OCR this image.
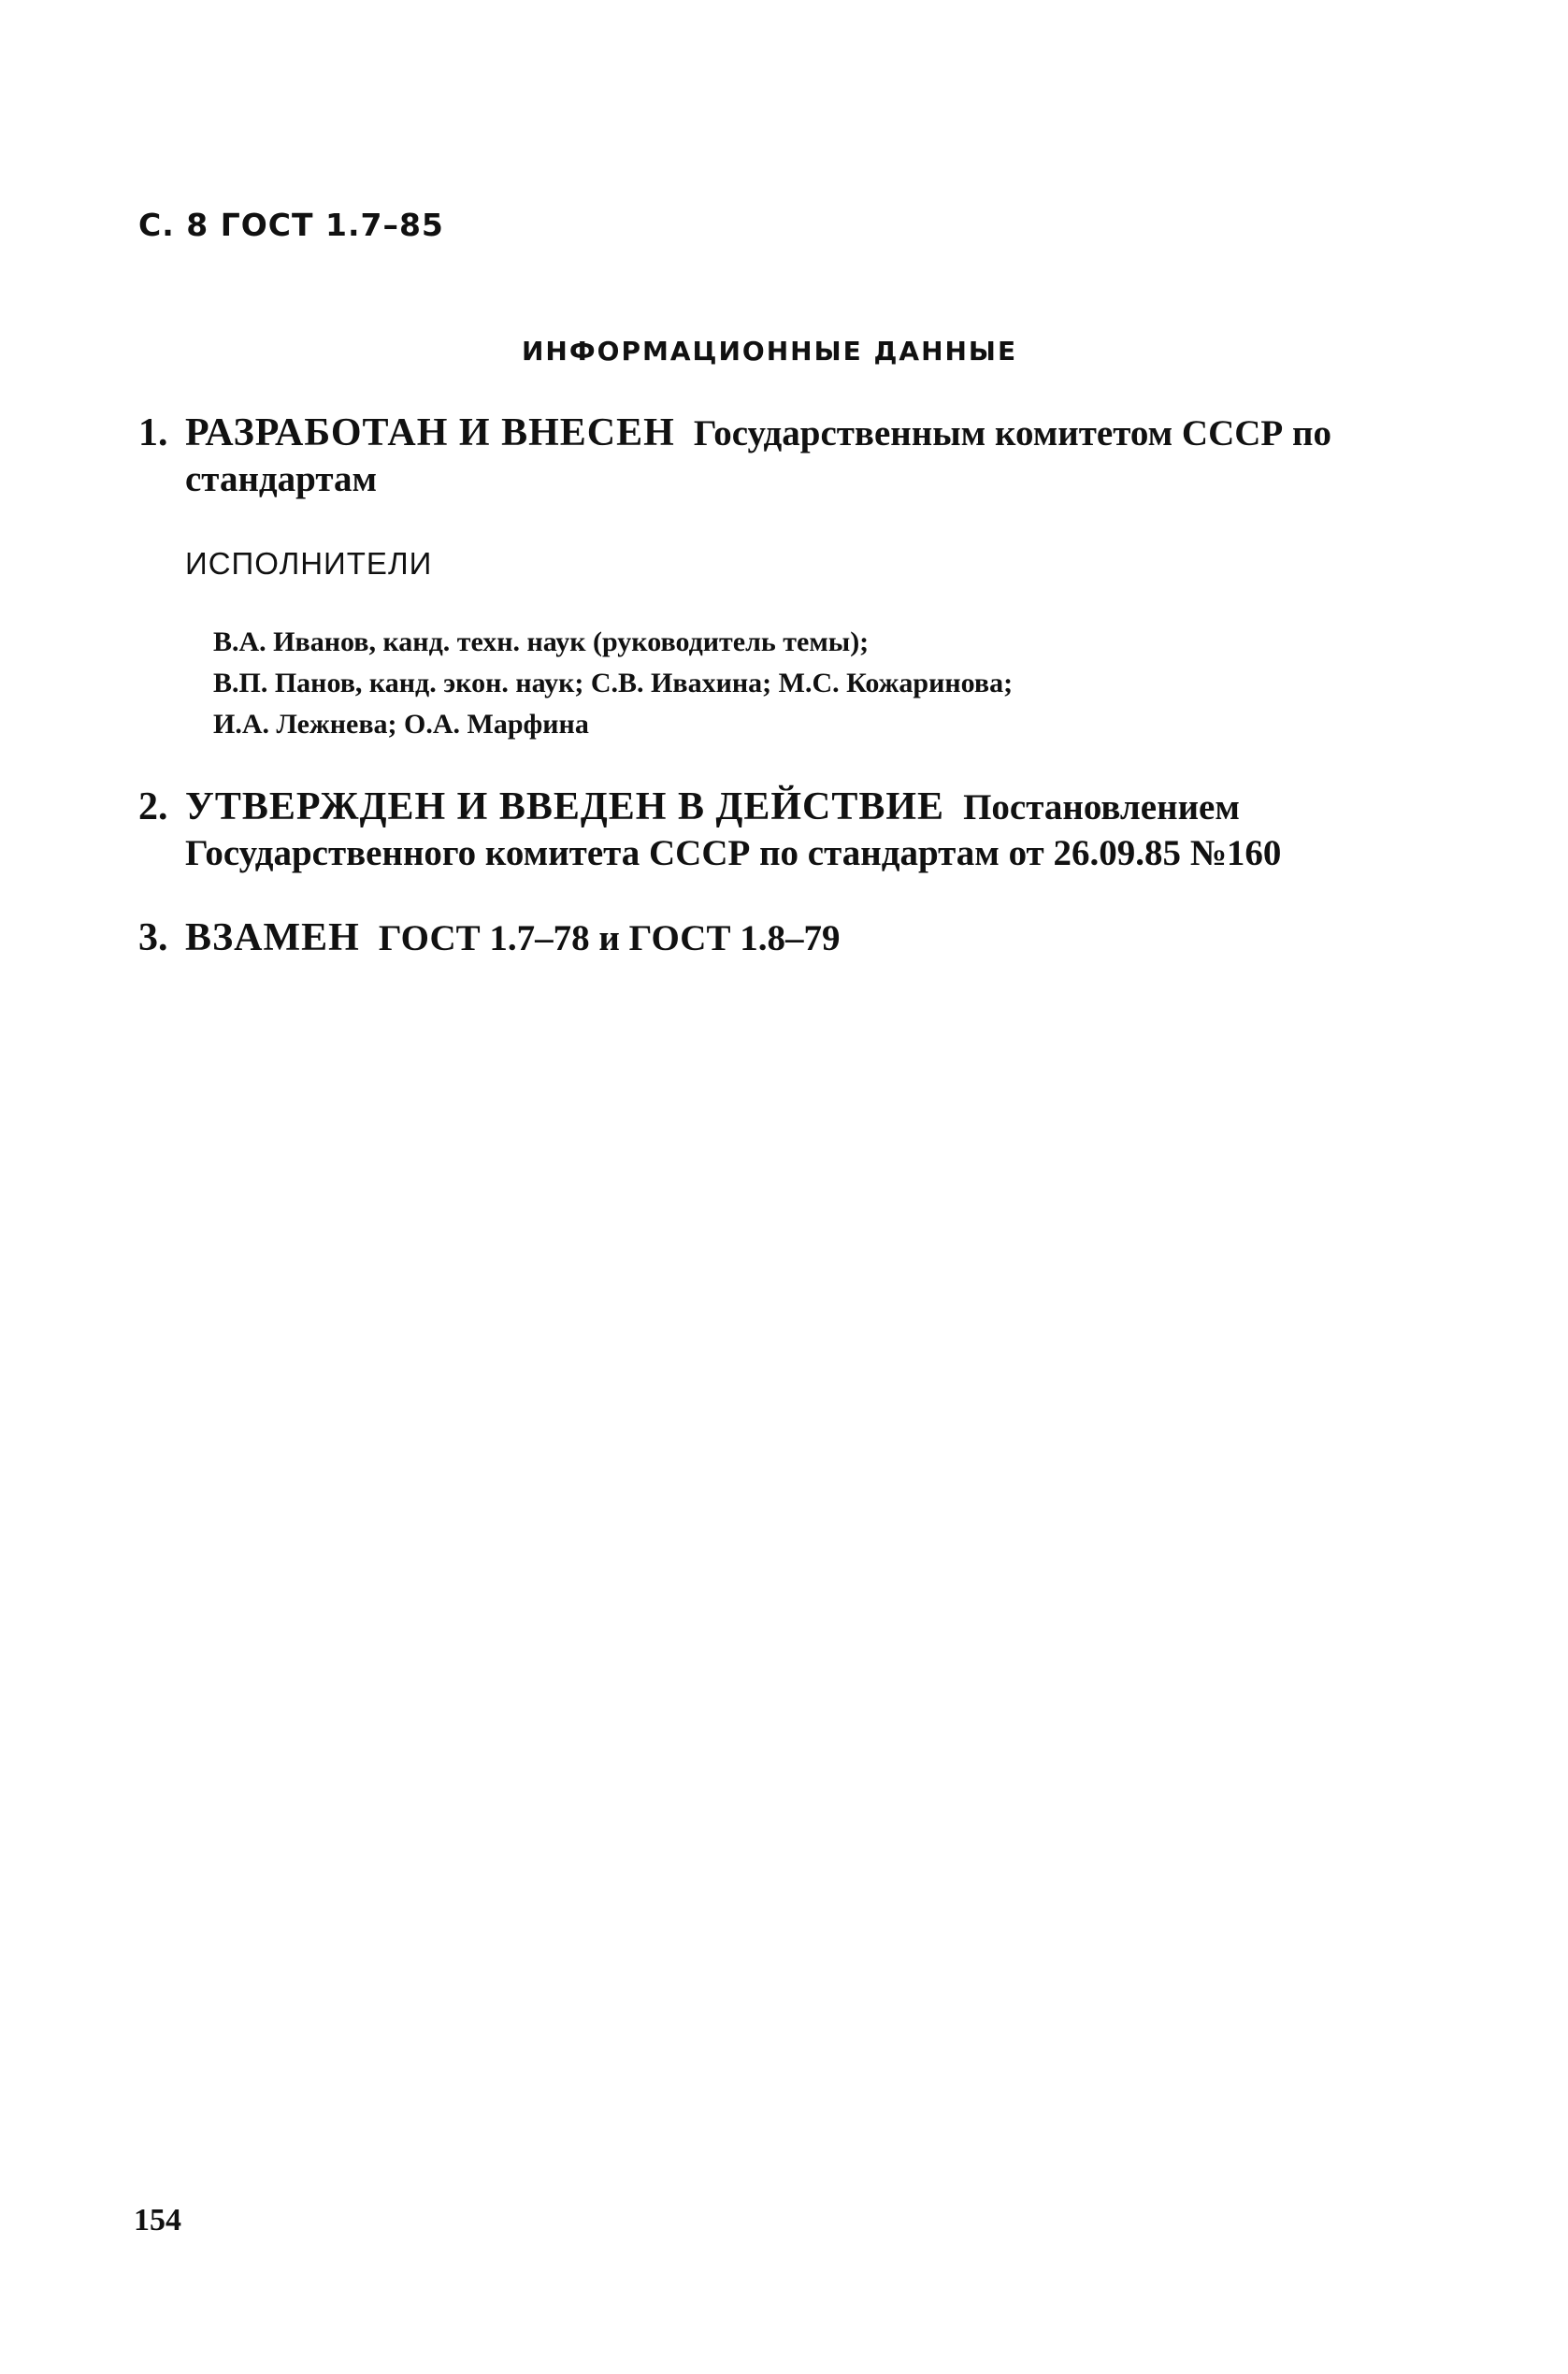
С. 8 ГОСТ 1.7–85
ИНФОРМАЦИОННЫЕ ДАННЫЕ
1. РАЗРАБОТАН И ВНЕСЕН Государственным комитетом СССР по стандартам
ИСПОЛНИТЕЛИ
В.А. Иванов, канд. техн. наук (руководитель темы);
В.П. Панов, канд. экон. наук; С.В. Ивахина; М.С. Кожаринова;
И.А. Лежнева; О.А. Марфина
2. УТВЕРЖДЕН И ВВЕДЕН В ДЕЙСТВИЕ Постановлением Государственного комитета СССР по стандартам от 26.09.85 №160
3. ВЗАМЕН ГОСТ 1.7–78 и ГОСТ 1.8–79
154
